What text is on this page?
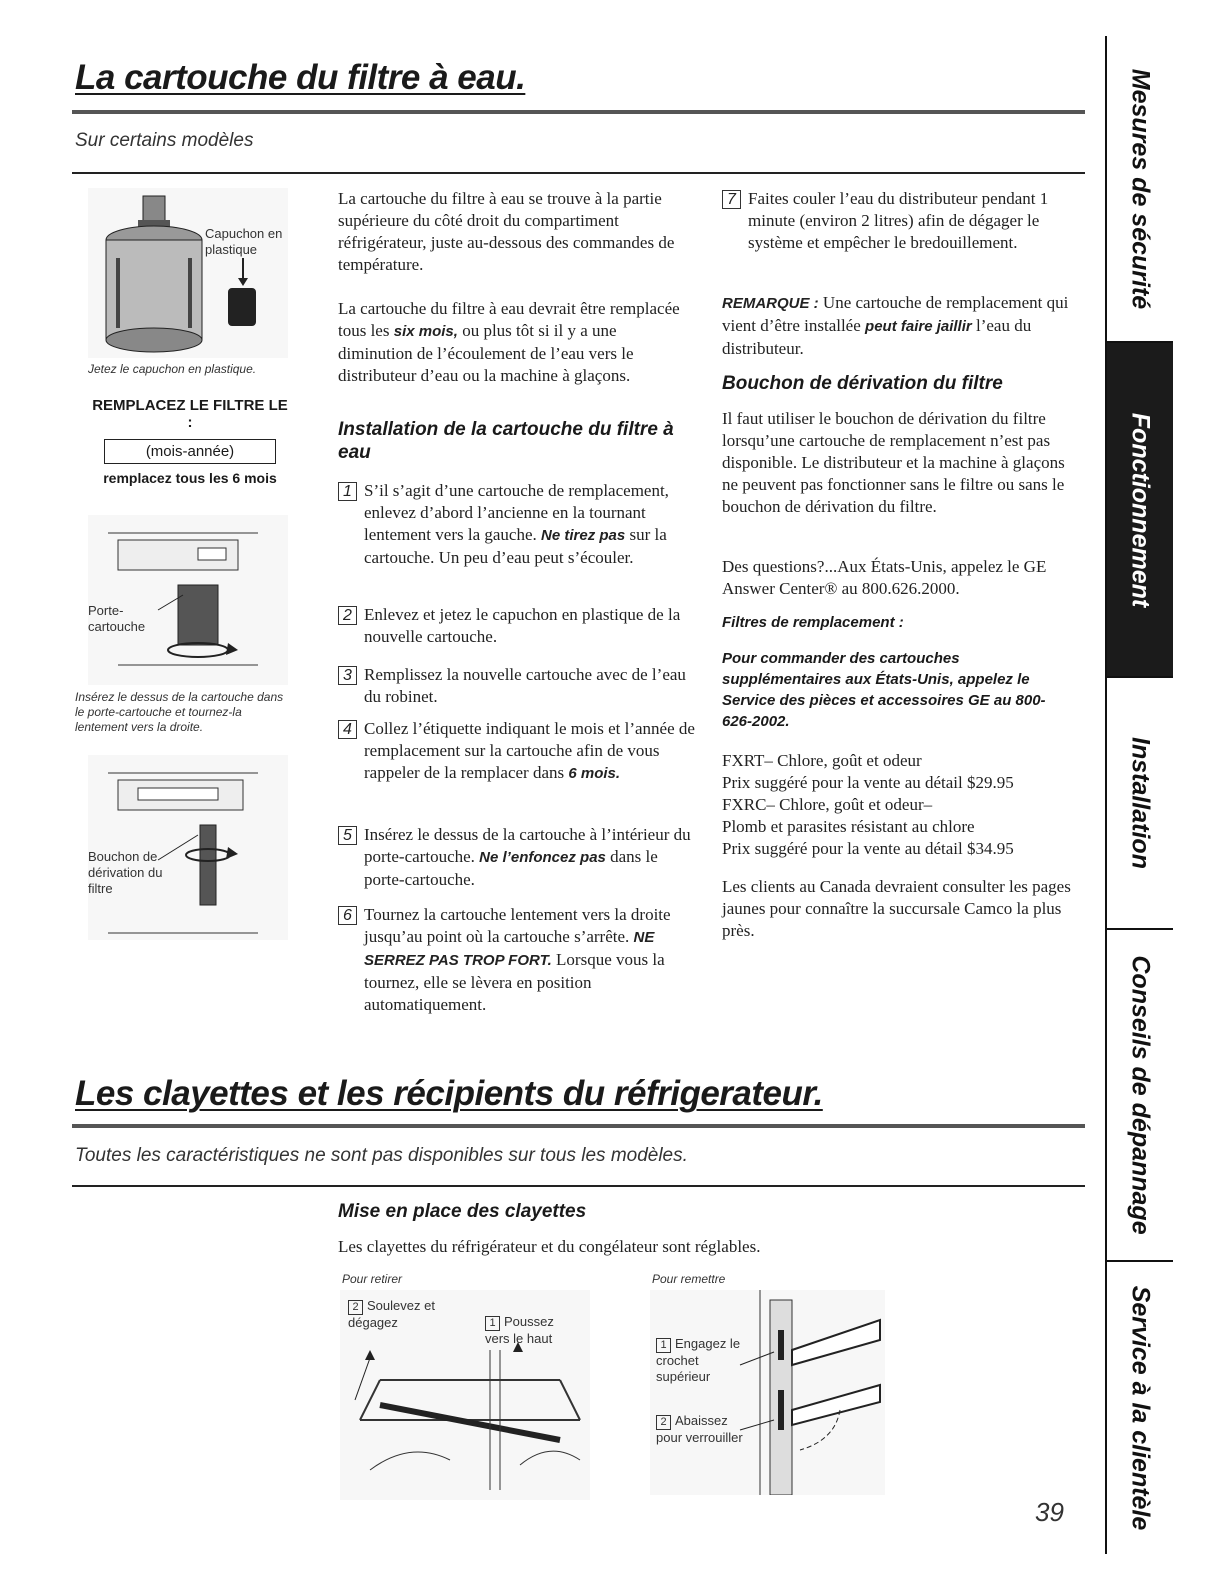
La cartouche du filtre à eau.
Sur certains modèles
Capuchon en plastique
Jetez le capuchon en plastique.
REMPLACEZ LE FILTRE LE :
(mois-année)
remplacez tous les 6 mois
Porte-cartouche
Insérez le dessus de la cartouche dans le porte-cartouche et tournez-la lentement vers la droite.
Bouchon de dérivation du filtre
La cartouche du filtre à eau se trouve à la partie supérieure du côté droit du compartiment réfrigérateur, juste au-dessous des commandes de température.
La cartouche du filtre à eau devrait être remplacée tous les six mois, ou plus tôt si il y a une diminution de l’écoulement de l’eau vers le distributeur d’eau ou la machine à glaçons.
Installation de la cartouche du filtre à eau
1 S’il s’agit d’une cartouche de remplacement, enlevez d’abord l’ancienne en la tournant lentement vers la gauche. Ne tirez pas sur la cartouche. Un peu d’eau peut s’écouler.
2 Enlevez et jetez le capuchon en plastique de la nouvelle cartouche.
3 Remplissez la nouvelle cartouche avec de l’eau du robinet.
4 Collez l’étiquette indiquant le mois et l’année de remplacement sur la cartouche afin de vous rappeler de la remplacer dans 6 mois.
5 Insérez le dessus de la cartouche à l’intérieur du porte-cartouche. Ne l’enfoncez pas dans le porte-cartouche.
6 Tournez la cartouche lentement vers la droite jusqu’au point où la cartouche s’arrête. NE SERREZ PAS TROP FORT. Lorsque vous la tournez, elle se lèvera en position automatiquement.
7 Faites couler l’eau du distributeur pendant 1 minute (environ 2 litres) afin de dégager le système et empêcher le bredouillement.
REMARQUE : Une cartouche de remplacement qui vient d’être installée peut faire jaillir l’eau du distributeur.
Bouchon de dérivation du filtre
Il faut utiliser le bouchon de dérivation du filtre lorsqu’une cartouche de remplacement n’est pas disponible. Le distributeur et la machine à glaçons ne peuvent pas fonctionner sans le filtre ou sans le bouchon de dérivation du filtre.
Des questions?...Aux États-Unis, appelez le GE Answer Center® au 800.626.2000.
Filtres de remplacement :
Pour commander des cartouches supplémentaires aux États-Unis, appelez le Service des pièces et accessoires GE au 800-626-2002.
FXRT– Chlore, goût et odeur
Prix suggéré pour la vente au détail $29.95
FXRC– Chlore, goût et odeur–
Plomb et parasites résistant au chlore
Prix suggéré pour la vente au détail $34.95
Les clients au Canada devraient consulter les pages jaunes pour connaître la succursale Camco la plus près.
Les clayettes et les récipients du réfrigerateur.
Toutes les caractéristiques ne sont pas disponibles sur tous les modèles.
Mise en place des clayettes
Les clayettes du réfrigérateur et du congélateur sont réglables.
Pour retirer
2 Soulevez et dégagez	1 Poussez vers le haut
Pour remettre
1 Engagez le crochet supérieur
2 Abaissez pour verrouiller
39
Mesures de sécurité
Fonctionnement
Installation
Conseils de dépannage
Service à la clientèle
